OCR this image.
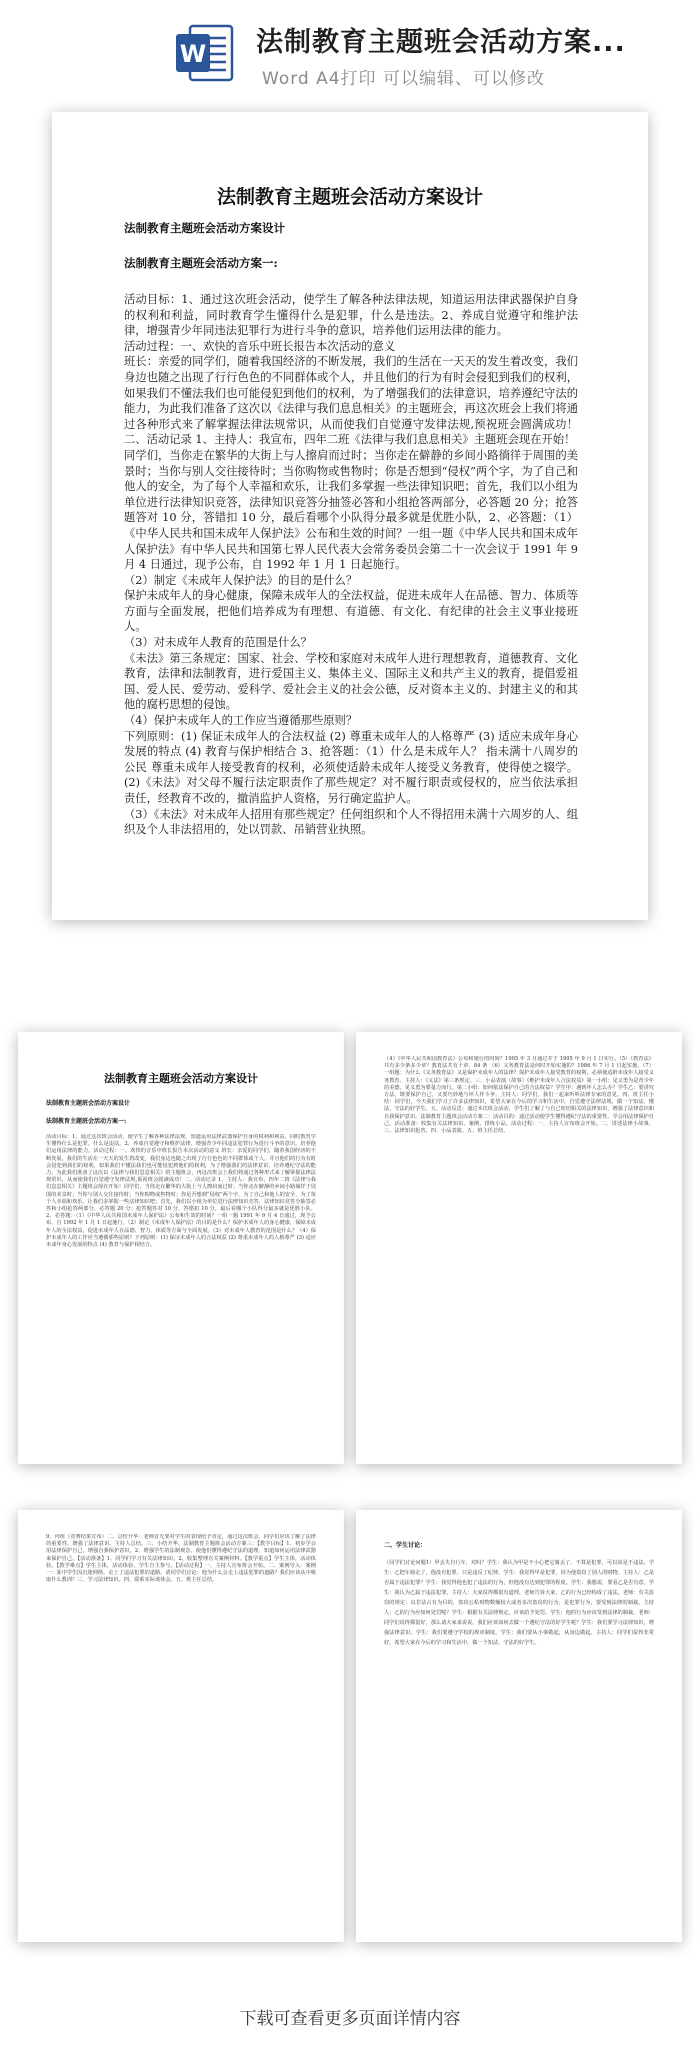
W 法制教育主题班会活动方案...
Word A4打印 可以编辑、可以修改
法制教育主题班会活动方案设计
法制教育主题班会活动方案设计
法制教育主题班会活动方案一:

活动目标：1、通过这次班会活动，使学生了解各种法律法规，知道运用法律武器保护自身的权利和利益，同时教育学生懂得什么是犯罪，什么是违法。2、养成自觉遵守和维护法律，增强青少年同违法犯罪行为进行斗争的意识，培养他们运用法律的能力。

活动过程：一、欢快的音乐中班长报告本次活动的意义

班长：亲爱的同学们，随着我国经济的不断发展，我们的生活在一天天的发生着改变，我们身边也随之出现了行行色色的不同群体或个人，并且他们的行为有时会侵犯到我们的权利，如果我们不懂法我们也可能侵犯到他们的权利，为了增强我们的法律意识，培养遵纪守法的能力，为此我们准备了这次以《法律与我们息息相关》的主题班会，再这次班会上我们将通过各种形式来了解掌握法律法规常识，从而使我们自觉遵守发律法规,预祝班会圆满成功！二、活动记录 1、主持人：我宣布，四年二班《法律与我们息息相关》主题班会现在开始！

同学们，当你走在繁华的大街上与人擦肩而过时；当你走在僻静的乡间小路徜徉于周围的美景时；当你与别人交往接待时；当你购物或售物时；你是否想到“侵权”两个字，为了自己和他人的安全，为了每个人幸福和欢乐，让我们多掌握一些法律知识吧；首先，我们以小组为单位进行法律知识竞答，法律知识竞答分抽签必答和小组抢答两部分，必答题 20 分；抢答题答对 10 分，答错扣 10 分，最后看哪个小队得分最多就是优胜小队，2、必答题：（1）《中华人民共和国未成年人保护法》公布和生效的时间？一组一题《中华人民共和国未成年人保护法》有中华人民共和国第七界人民代表大会常务委员会第二十一次会议于 1991 年 9 月 4 日通过，现予公布，自 1992 年 1 月 1 日起施行。

（2）制定《未成年人保护法》的目的是什么？

保护未成年人的身心健康，保障未成年人的全法权益，促进未成年人在品德、智力、体质等方面与全面发展，把他们培养成为有理想、有道德、有文化、有纪律的社会主义事业接班人。

（3）对未成年人教育的范围是什么？

《未法》第三条规定：国家、社会、学校和家庭对未成年人进行理想教育，道德教育、文化教育，法律和法制教育，进行爱国主义、集体主义、国际主义和共产主义的教育，提倡爱祖国、爱人民、爱劳动、爱科学、爱社会主义的社会公德，反对资本主义的、封建主义的和其他的腐朽思想的侵蚀。

（4）保护未成年人的工作应当遵循那些原则？

下列原则：(1) 保证未成年人的合法权益 (2) 尊重未成年人的人格尊严 (3) 适应未成年身心发展的特点 (4) 教育与保护相结合 3、抢答题：（1）什么是未成年人？ 指未满十八周岁的公民 尊重未成年人接受教育的权利，必须使适龄未成年人接受义务教育，使得使之辍学。(2)《未法》对父母不履行法定职责作了那些规定？对不履行职责或侵权的，应当依法承担责任，经教育不改的，撤消监护人资格，另行确定监护人。

（3）《未法》对未成年人招用有那些规定？任何组织和个人不得招用未满十六周岁的人、组织及个人非法招用的，处以罚款、吊销营业执照。

法制教育主题班会活动方案设计
法制教育主题班会活动方案设计
法制教育主题班会活动方案一:
活动目标：1、通过这次班会活动，使学生了解各种法律法规，知道运用法律武器保护自身的权利和利益，同时教育学生懂得什么是犯罪，什么是违法。2、养成自觉遵守和维护法律，增强青少年同违法犯罪行为进行斗争的意识，培养他们运用法律的能力。活动过程：一、欢快的音乐中班长报告本次活动的意义 班长：亲爱的同学们，随着我国经济的不断发展，我们的生活在一天天的发生着改变，我们身边也随之出现了行行色色的不同群体或个人，并且他们的行为有时会侵犯到我们的权利，如果我们不懂法我们也可能侵犯到他们的权利，为了增强我们的法律意识，培养遵纪守法的能力，为此我们准备了这次以《法律与我们息息相关》的主题班会，再这次班会上我们将通过各种形式来了解掌握法律法规常识，从而使我们自觉遵守发律法规,预祝班会圆满成功！二、活动记录 1、主持人：我宣布，四年二班《法律与我们息息相关》主题班会现在开始！同学们，当你走在繁华的大街上与人擦肩而过时；当你走在僻静的乡间小路徜徉于周围的美景时；当你与别人交往接待时；当你购物或售物时；你是否想到“侵权”两个字，为了自己和他人的安全，为了每个人幸福和欢乐，让我们多掌握一些法律知识吧；首先，我们以小组为单位进行法律知识竞答，法律知识竞答分抽签必答和小组抢答两部分，必答题 20 分；抢答题答对 10 分，答错扣 10 分，最后看哪个小队得分最多就是优胜小队。2、必答题：（1）《中华人民共和国未成年人保护法》公布和生效的时间？一组一题 1991 年 9 月 4 日通过，现予公布，自 1992 年 1 月 1 日起施行。（2）制定《未成年人保护法》的目的是什么？保护未成年人的身心健康，保障未成年人的全法权益，促进未成年人在品德、智力、体质等方面与全面发展。（3）对未成年人教育的范围是什么？（4）保护未成年人的工作应当遵循那些原则？下列原则：(1) 保证未成年人的合法权益 (2) 尊重未成年人的人格尊严 (3) 适应未成年身心发展的特点 (4) 教育与保护相结合。
（4）《中华人民共和国教育法》公布和施行的时间？1995 年 3 月通过并于 1995 年 9 月 1 日实行。（5）《教育法》共有多少条多少章？教育法共有十章、84 条 （6）义务教育法是何时开始实施的？1986 年 7 月 1 日起实施。（7）一组题：为什么《义务教育法》又是保护未成年人的法律？保护未成年人接受教育的权利，必须使适龄未成年人接受义务教育。主持人：《义法》第三条规定。三、小品表演（故事）《维护未成年人合法权益》第一小组：见义勇为是青少年的美德，见义勇为要量力而行。第二小组：如何依法保护自己的合法权益？学生甲：遇到坏人怎么办？学生乙：要讲究方法，既要保护自己，又要巧妙地与坏人作斗争。主持人：同学们，我们一起来听听法律专家的意见。四、班主任小结：同学们，今天我们学习了许多法律知识，希望大家在今后的学习和生活中，自觉遵守法律法规，做一个知法、懂法、守法的好学生。五、活动反思：通过本次班会活动，学生们了解了与自己密切相关的法律知识，增强了法律意识和自我保护意识。法制教育主题班会活动方案二：活动目的：通过活动使学生懂得遵纪守法的重要性，学会用法律保护自己。活动准备：收集有关法律知识、案例，排练小品。活动过程：一、主持人宣布班会开始。二、讲述法律小故事。三、法律知识抢答。四、小品表演。五、班主任总结。
9、丙组（竞赛结果宣布）二、总结升华：老师首先要对学生的表现给予肯定，通过这次班会，同学们应该了解了法律的重要性，增强了法律意识。主持人总结。三、小结升华。法制教育主题班会活动方案三：【教学目标】1、初步学会用法律保护自己，增强自我保护意识。2、增强学生的法制观念，使他们懂得遵纪守法的道理，知道如何运用法律武器来保护自己。【活动准备】1、同学们学习有关法律知识。2、收集整理有关案例材料。【教学重点】学生主体，活动体验。【教学难点】学生主体，活动体验，学生自主参与。【活动过程】一、主持人宣布班会开始。二、案例导入：案例一：某中学生因沉迷网络，走上了违法犯罪的道路。请同学们讨论：他为什么会走上违法犯罪的道路？我们应该从中吸取什么教训？三、学习法律知识。四、联系实际谈体会。五、班主任总结。
二、学生讨论：
（同学们讨论问题1）甲丢失自行车，对吗？学生：我认为甲是不小心把它骑丢了，不算是犯罪，可以说是不违法。学生：乙把车骑走了，他没有犯罪，只是违反了纪律。学生：我觉得甲是犯罪，因为他盗窃了别人的财物。主持人：乙是否属于违法犯罪？学生：我觉得他也犯了违法的行为，但他没有达到犯罪的程度。学生：我想说，要看乙是否有意。学生：我认为乙属于违法犯罪。主持人：大家说得都很有道理，老师告诉大家，乙的行为已经构成了违法。老师：有关盗窃的规定：以非法占有为目的，盗窃公私财物数额较大或者多次盗窃的行为，是犯罪行为，要受到法律的制裁。主持人：乙的行为应如何处罚呢？学生：根据有关法律规定，应该给予处罚。学生：他的行为应该受到法律的制裁。老师：同学们说得都很好，那么请大家来说说，我们应该如何去做一个遵纪守法的好学生呢？学生：我们要学习法律知识，增强法律意识。学生：我们要遵守学校的规章制度。学生：我们要从小事做起，从身边做起。主持人：同学们说得非常好，希望大家在今后的学习和生活中，做一个知法、守法的好学生。
下载可查看更多页面详情内容
